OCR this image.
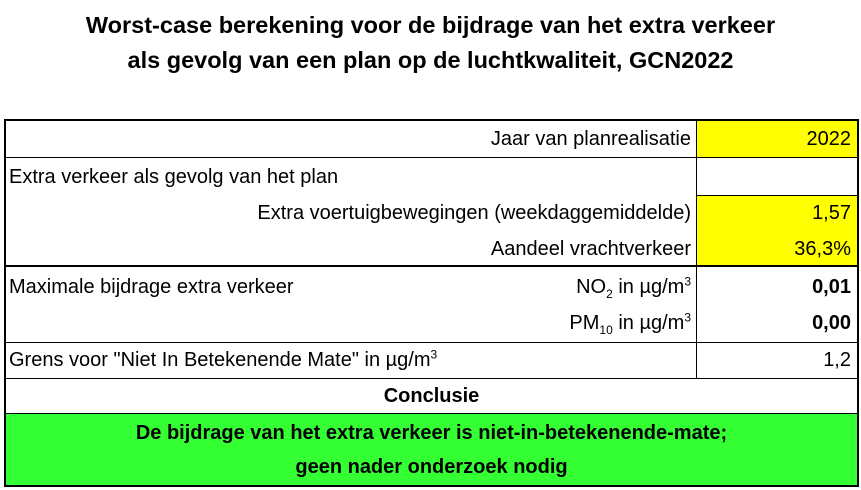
Worst-case berekening voor de bijdrage van het extra verkeer
als gevolg van een plan op de luchtkwaliteit, GCN2022
Jaar van planrealisatie	2022
Extra verkeer als gevolg van het plan
Extra voertuigbewegingen (weekdaggemiddelde)	1,57
Aandeel vrachtverkeer	36,3%
Maximale bijdrage extra verkeer	$NO_2$ in $\mu g/m^3$	0,01
$PM_{10}$ in $\mu g/m^3$	0,00
Grens voor "Niet In Betekenende Mate" in $\mu g/m^3$	1,2
Conclusie
De bijdrage van het extra verkeer is niet-in-betekenende-mate;
geen nader onderzoek nodig
